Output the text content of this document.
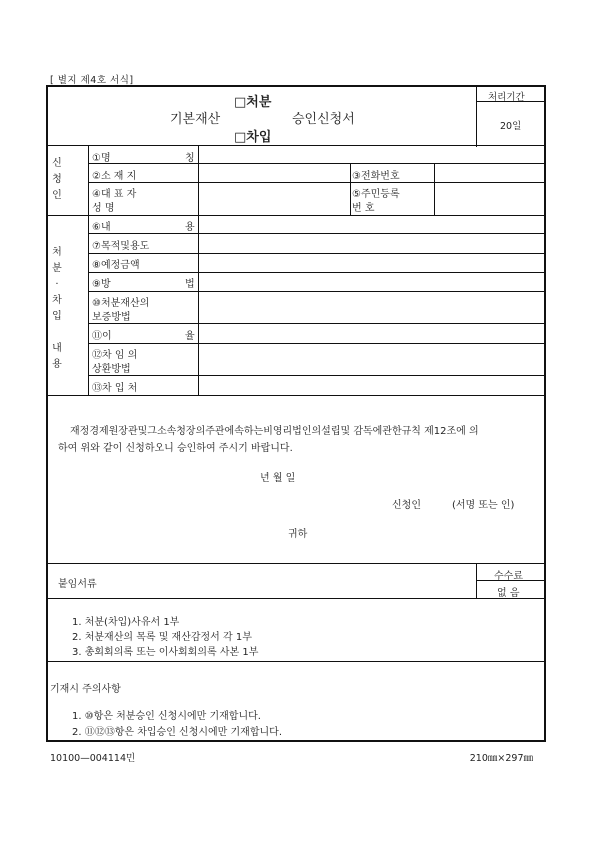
[ 별지 제4호 서식]
처리기간
20일
□처분
기본재산	승인신청서
□차입
신
청
인
①명	칭
②소 재 지	③전화번호
④대 표 자
성 명
⑤주민등록
번 호
처
분
·
차
입

내
용
⑥내	용
⑦목적및용도
⑧예정금액
⑨방	법
⑩처분재산의
보증방법
⑪이	율
⑫차 임 의
상환방법
⑬차 입 처
재정경제원장관및그소속청장의주관에속하는비영리법인의설립및 감독에관한규칙 제12조에 의
하여 위와 같이 신청하오니 승인하여 주시기 바랍니다.
년 월 일
신청인	(서명 또는 인)
귀하
수수료
없 음
붙임서류
1. 처분(차입)사유서 1부
2. 처분재산의 목록 및 재산감정서 각 1부
3. 총회회의록 또는 이사회회의록 사본 1부
기재시 주의사항
1. ⑩항은 처분승인 신청시에만 기재합니다.
2. ⑪⑫⑬항은 차입승인 신청시에만 기재합니다.
10100—004114민	210㎜×297㎜
